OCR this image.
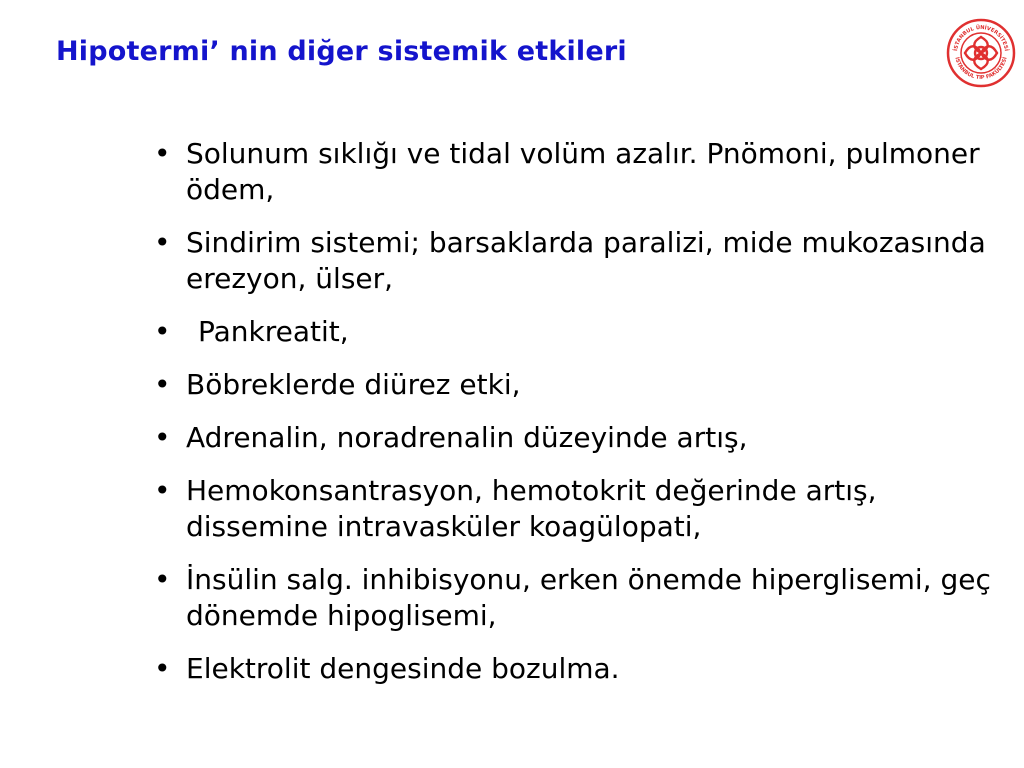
Hipotermi’ nin diğer sistemik etkileri	İSTANBUL ÜNİVERSİTESİ
İSTANBUL TIP FAKÜLTESİ
• Solunum sıklığı ve tidal volüm azalır. Pnömoni, pulmoner ödem,
• Sindirim sistemi; barsaklarda paralizi, mide mukozasında erezyon, ülser,
• Pankreatit,
• Böbreklerde diürez etki,
• Adrenalin, noradrenalin düzeyinde artış,
• Hemokonsantrasyon, hemotokrit değerinde artış, dissemine intravasküler koagülopati,
• İnsülin salg. inhibisyonu, erken önemde hiperglisemi, geç dönemde hipoglisemi,
• Elektrolit dengesinde bozulma.
